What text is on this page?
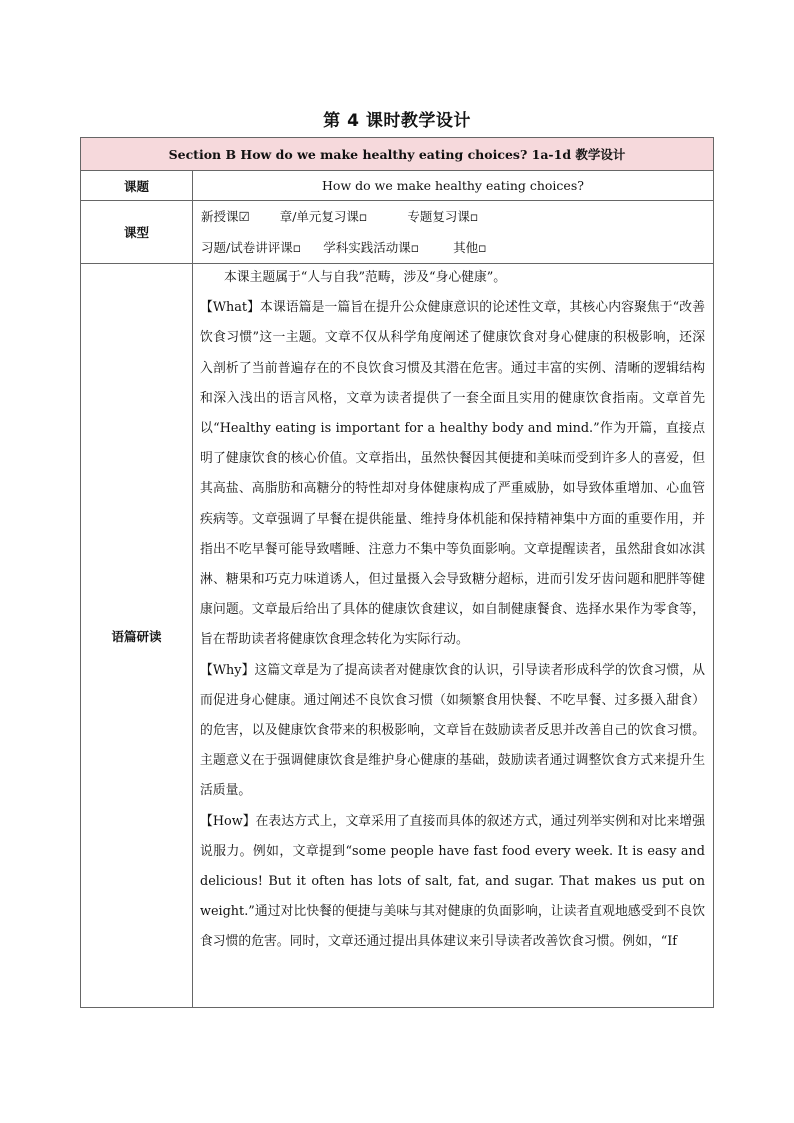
第 4 课时教学设计
Section B How do we make healthy eating choices? 1a-1d 教学设计	
课题	How do we make healthy eating choices?
课型	新授课☑ 章/单元复习课▫ 专题复习课▫
习题/试卷讲评课▫ 学科实践活动课▫ 其他▫

语篇研读	本课主题属于“人与自我”范畴，涉及“身心健康”。

【What】本课语篇是一篇旨在提升公众健康意识的论述性文章，其核心内容聚焦于“改善饮食习惯”这一主题。文章不仅从科学角度阐述了健康饮食对身心健康的积极影响，还深入剖析了当前普遍存在的不良饮食习惯及其潜在危害。通过丰富的实例、清晰的逻辑结构和深入浅出的语言风格，文章为读者提供了一套全面且实用的健康饮食指南。文章首先以“Healthy eating is important for a healthy body and mind.”作为开篇，直接点明了健康饮食的核心价值。文章指出，虽然快餐因其便捷和美味而受到许多人的喜爱，但其高盐、高脂肪和高糖分的特性却对身体健康构成了严重威胁，如导致体重增加、心血管疾病等。文章强调了早餐在提供能量、维持身体机能和保持精神集中方面的重要作用，并指出不吃早餐可能导致嗜睡、注意力不集中等负面影响。文章提醒读者，虽然甜食如冰淇淋、糖果和巧克力味道诱人，但过量摄入会导致糖分超标，进而引发牙齿问题和肥胖等健康问题。文章最后给出了具体的健康饮食建议，如自制健康餐食、选择水果作为零食等，旨在帮助读者将健康饮食理念转化为实际行动。

【Why】这篇文章是为了提高读者对健康饮食的认识，引导读者形成科学的饮食习惯，从而促进身心健康。通过阐述不良饮食习惯（如频繁食用快餐、不吃早餐、过多摄入甜食）的危害，以及健康饮食带来的积极影响，文章旨在鼓励读者反思并改善自己的饮食习惯。主题意义在于强调健康饮食是维护身心健康的基础，鼓励读者通过调整饮食方式来提升生活质量。

【How】在表达方式上，文章采用了直接而具体的叙述方式，通过列举实例和对比来增强说服力。例如，文章提到“some people have fast food every week. It is easy and delicious! But it often has lots of salt, fat, and sugar. That makes us put on weight.”通过对比快餐的便捷与美味与其对健康的负面影响，让读者直观地感受到不良饮食习惯的危害。同时，文章还通过提出具体建议来引导读者改善饮食习惯。例如，“If
